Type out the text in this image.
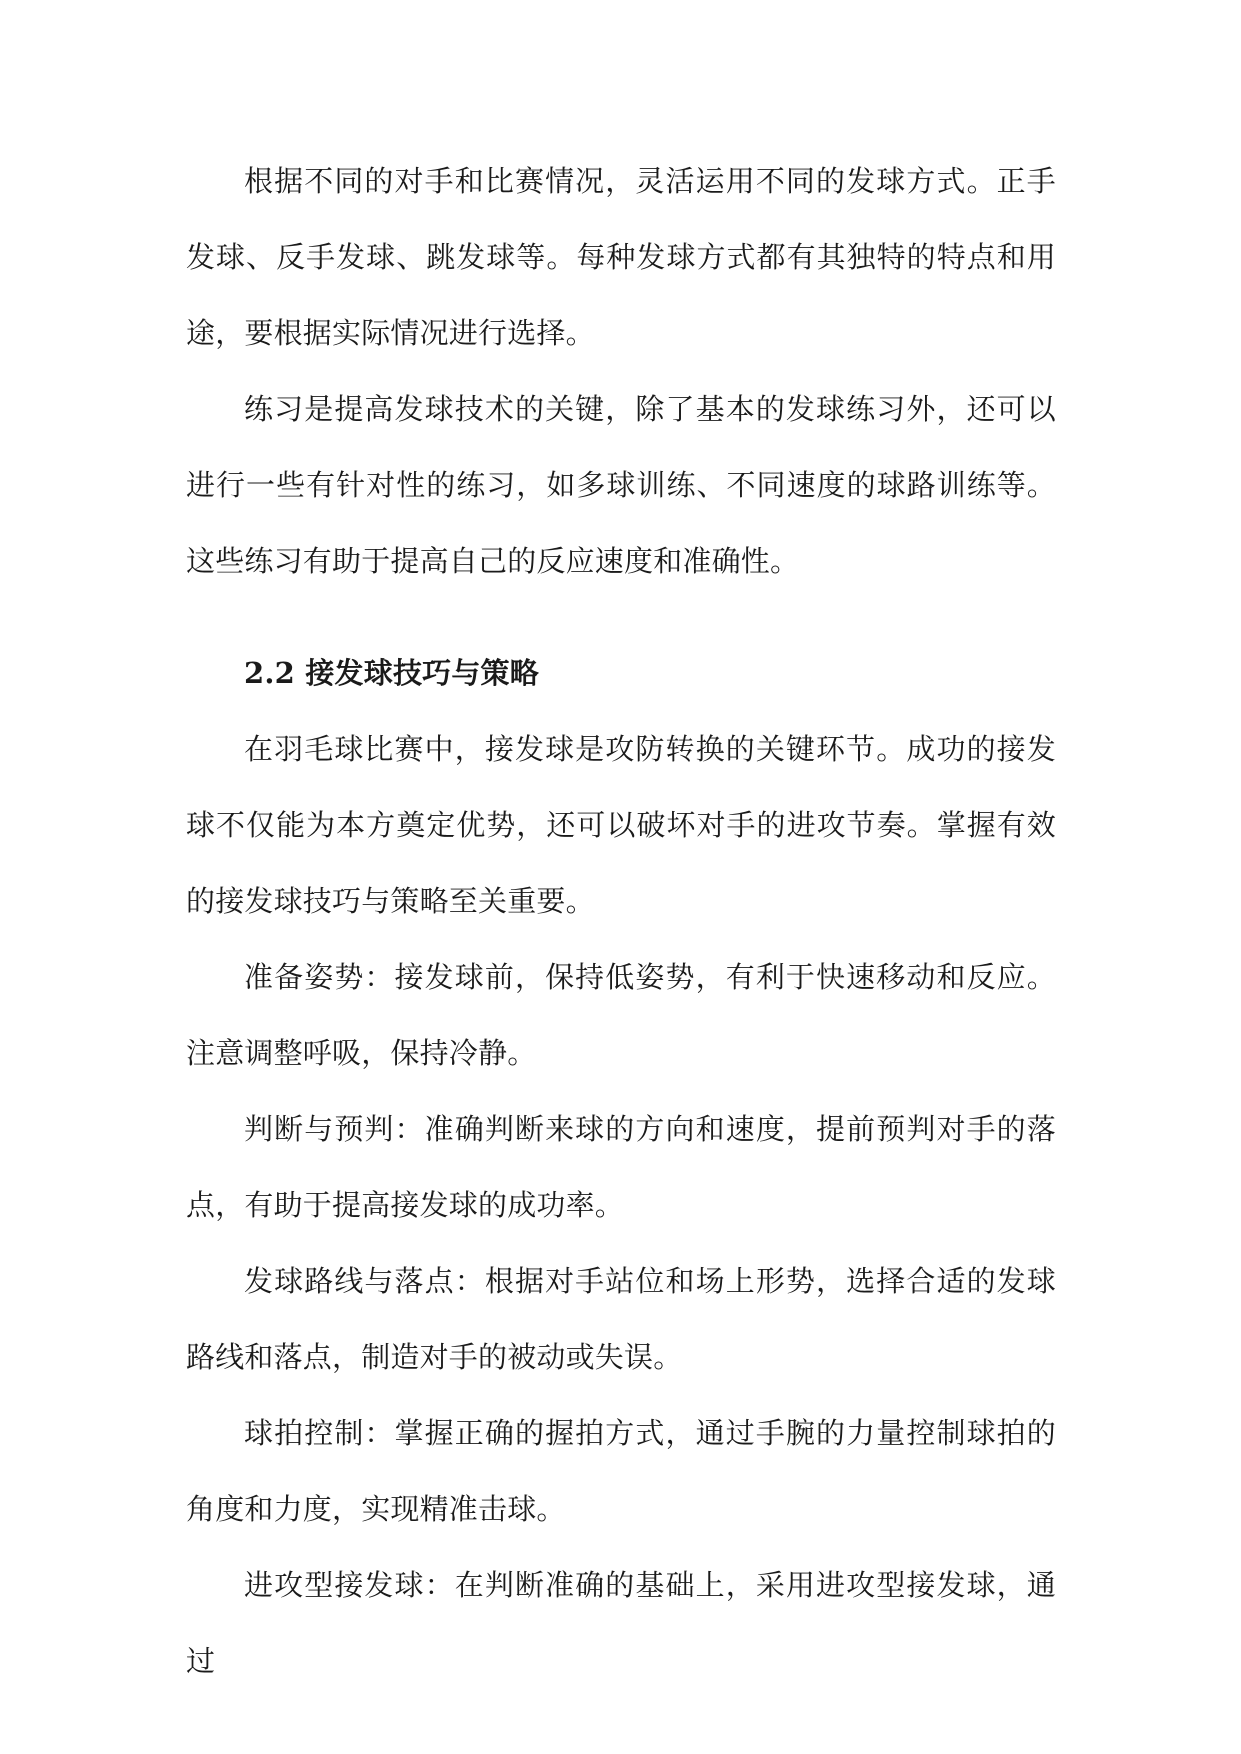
根据不同的对手和比赛情况，灵活运用不同的发球方式。正手发球、反手发球、跳发球等。每种发球方式都有其独特的特点和用途，要根据实际情况进行选择。

练习是提高发球技术的关键，除了基本的发球练习外，还可以进行一些有针对性的练习，如多球训练、不同速度的球路训练等。这些练习有助于提高自己的反应速度和准确性。

2.2 接发球技巧与策略

在羽毛球比赛中，接发球是攻防转换的关键环节。成功的接发球不仅能为本方奠定优势，还可以破坏对手的进攻节奏。掌握有效的接发球技巧与策略至关重要。

准备姿势：接发球前，保持低姿势，有利于快速移动和反应。注意调整呼吸，保持冷静。

判断与预判：准确判断来球的方向和速度，提前预判对手的落点，有助于提高接发球的成功率。

发球路线与落点：根据对手站位和场上形势，选择合适的发球路线和落点，制造对手的被动或失误。

球拍控制：掌握正确的握拍方式，通过手腕的力量控制球拍的角度和力度，实现精准击球。

进攻型接发球：在判断准确的基础上，采用进攻型接发球，通过
